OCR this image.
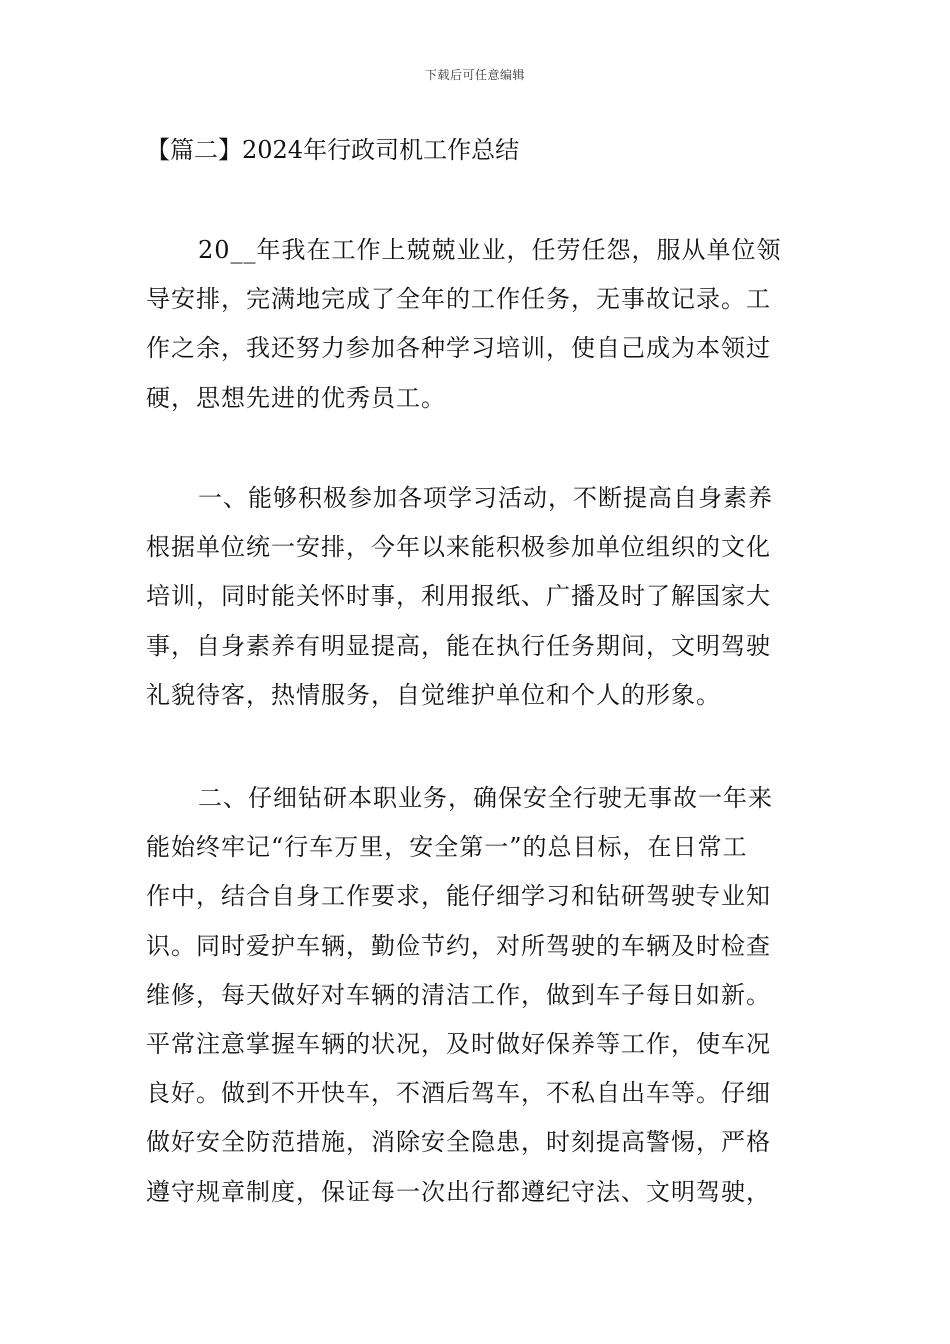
下载后可任意编辑
【篇二】2024年行政司机工作总结
20__年我在工作上兢兢业业，任劳任怨，服从单位领
导安排，完满地完成了全年的工作任务，无事故记录。工
作之余，我还努力参加各种学习培训，使自己成为本领过
硬，思想先进的优秀员工。
一、能够积极参加各项学习活动，不断提高自身素养
根据单位统一安排，今年以来能积极参加单位组织的文化
培训，同时能关怀时事，利用报纸、广播及时了解国家大
事，自身素养有明显提高，能在执行任务期间，文明驾驶
礼貌待客，热情服务，自觉维护单位和个人的形象。
二、仔细钻研本职业务，确保安全行驶无事故一年来
能始终牢记“行车万里，安全第一”的总目标，在日常工
作中，结合自身工作要求，能仔细学习和钻研驾驶专业知
识。同时爱护车辆，勤俭节约，对所驾驶的车辆及时检查
维修，每天做好对车辆的清洁工作，做到车子每日如新。
平常注意掌握车辆的状况，及时做好保养等工作，使车况
良好。做到不开快车，不酒后驾车，不私自出车等。仔细
做好安全防范措施，消除安全隐患，时刻提高警惕，严格
遵守规章制度，保证每一次出行都遵纪守法、文明驾驶，
